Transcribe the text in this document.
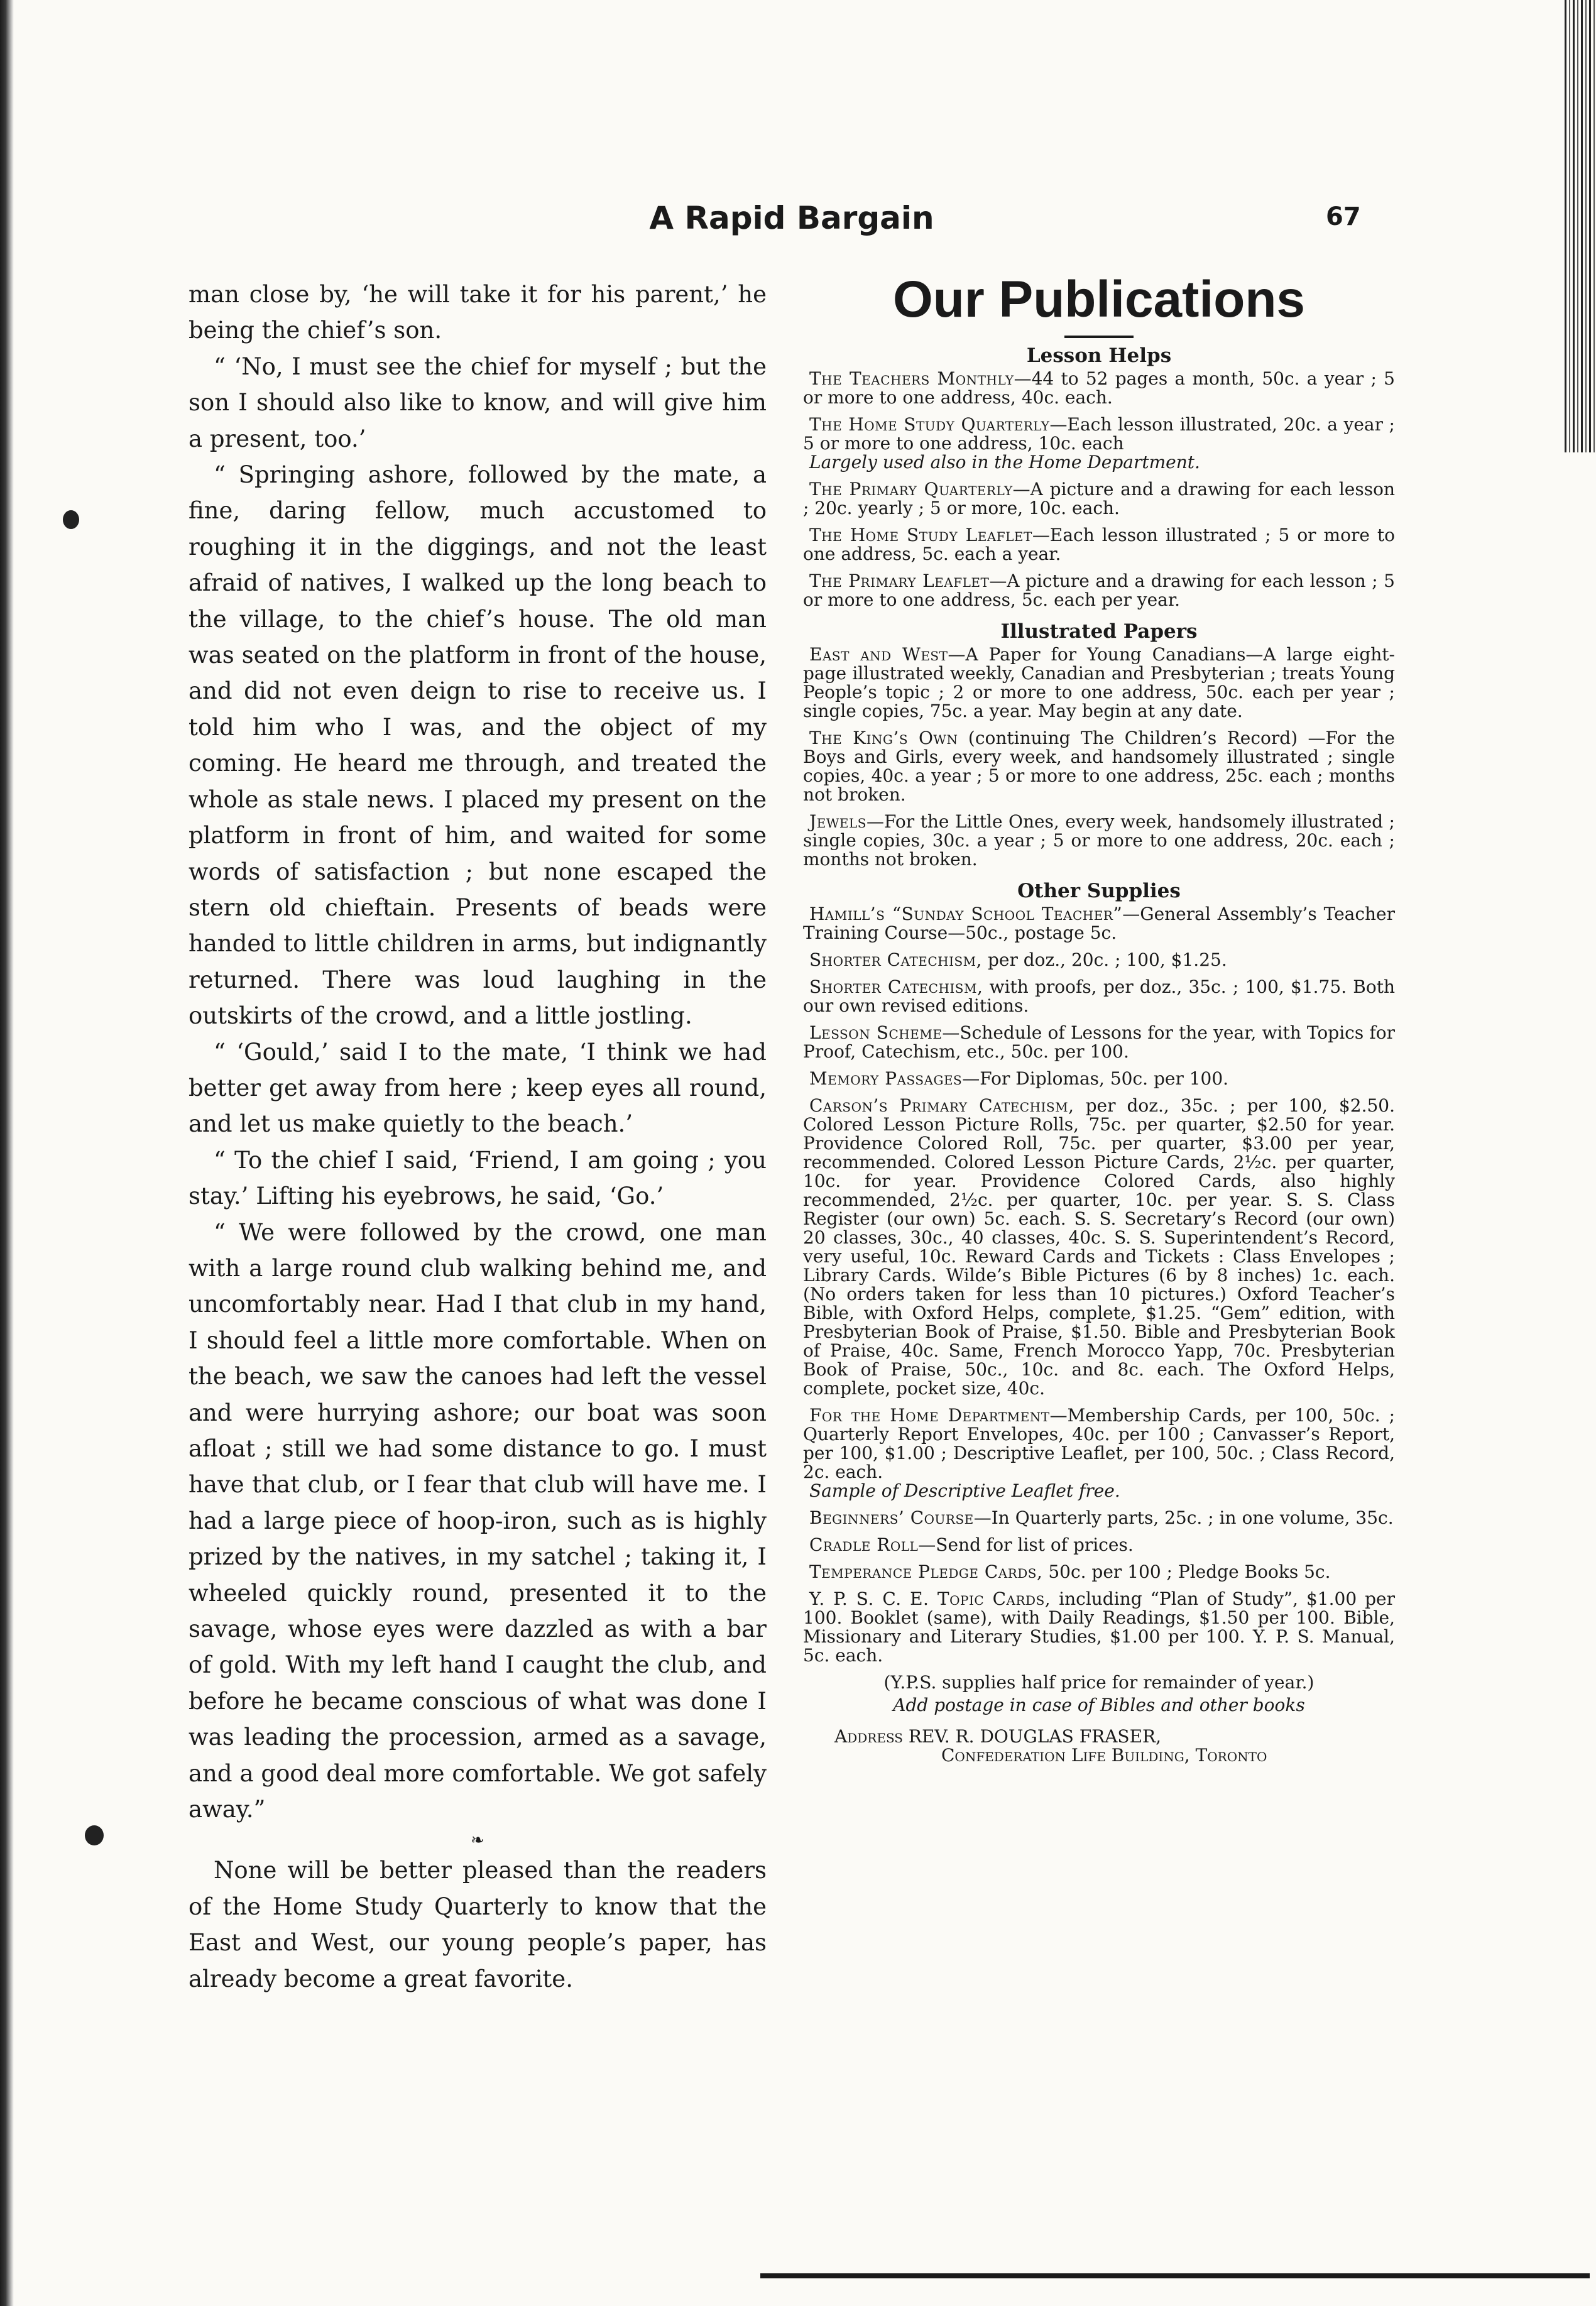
A Rapid Bargain	67

man close by, ‘he will take it for his parent,’ he being the chief’s son.

“ ‘No, I must see the chief for myself ; but the son I should also like to know, and will give him a present, too.’

“ Springing ashore, followed by the mate, a fine, daring fellow, much accustomed to roughing it in the diggings, and not the least afraid of natives, I walked up the long beach to the village, to the chief’s house. The old man was seated on the platform in front of the house, and did not even deign to rise to receive us. I told him who I was, and the object of my coming. He heard me through, and treated the whole as stale news. I placed my present on the platform in front of him, and waited for some words of satisfaction ; but none escaped the stern old chieftain. Presents of beads were handed to little children in arms, but indignantly returned. There was loud laughing in the outskirts of the crowd, and a little jostling.

“ ‘Gould,’ said I to the mate, ‘I think we had better get away from here ; keep eyes all round, and let us make quietly to the beach.’

“ To the chief I said, ‘Friend, I am going ; you stay.’ Lifting his eyebrows, he said, ‘Go.’

“ We were followed by the crowd, one man with a large round club walking behind me, and uncomfortably near. Had I that club in my hand, I should feel a little more comfortable. When on the beach, we saw the canoes had left the vessel and were hurrying ashore; our boat was soon afloat ; still we had some distance to go. I must have that club, or I fear that club will have me. I had a large piece of hoop-iron, such as is highly prized by the natives, in my satchel ; taking it, I wheeled quickly round, presented it to the savage, whose eyes were dazzled as with a bar of gold. With my left hand I caught the club, and before he became conscious of what was done I was leading the procession, armed as a savage, and a good deal more comfortable. We got safely away.”

❧

None will be better pleased than the readers of the Home Study Quarterly to know that the East and West, our young people’s paper, has already become a great favorite.

Our Publications
Lesson Helps

The Teachers Monthly—44 to 52 pages a month, 50c. a year ; 5 or more to one address, 40c. each.

The Home Study Quarterly—Each lesson illustrated, 20c. a year ; 5 or more to one address, 10c. each
Largely used also in the Home Department.

The Primary Quarterly—A picture and a drawing for each lesson ; 20c. yearly ; 5 or more, 10c. each.

The Home Study Leaflet—Each lesson illustrated ; 5 or more to one address, 5c. each a year.

The Primary Leaflet—A picture and a drawing for each lesson ; 5 or more to one address, 5c. each per year.

Illustrated Papers

East and West—A Paper for Young Canadians—A large eight-page illustrated weekly, Canadian and Presbyterian ; treats Young People’s topic ; 2 or more to one address, 50c. each per year ; single copies, 75c. a year. May begin at any date.

The King’s Own (continuing The Children’s Record) —For the Boys and Girls, every week, and handsomely illustrated ; single copies, 40c. a year ; 5 or more to one address, 25c. each ; months not broken.

Jewels—For the Little Ones, every week, handsomely illustrated ; single copies, 30c. a year ; 5 or more to one address, 20c. each ; months not broken.

Other Supplies

Hamill’s “Sunday School Teacher”—General Assembly’s Teacher Training Course—50c., postage 5c.

Shorter Catechism, per doz., 20c. ; 100, $1.25.

Shorter Catechism, with proofs, per doz., 35c. ; 100, $1.75. Both our own revised editions.

Lesson Scheme—Schedule of Lessons for the year, with Topics for Proof, Catechism, etc., 50c. per 100.

Memory Passages—For Diplomas, 50c. per 100.

Carson’s Primary Catechism, per doz., 35c. ; per 100, $2.50. Colored Lesson Picture Rolls, 75c. per quarter, $2.50 for year. Providence Colored Roll, 75c. per quarter, $3.00 per year, recommended. Colored Lesson Picture Cards, 2½c. per quarter, 10c. for year. Providence Colored Cards, also highly recommended, 2½c. per quarter, 10c. per year. S. S. Class Register (our own) 5c. each. S. S. Secretary’s Record (our own) 20 classes, 30c., 40 classes, 40c. S. S. Superintendent’s Record, very useful, 10c. Reward Cards and Tickets : Class Envelopes ; Library Cards. Wilde’s Bible Pictures (6 by 8 inches) 1c. each. (No orders taken for less than 10 pictures.) Oxford Teacher’s Bible, with Oxford Helps, complete, $1.25. “Gem” edition, with Presbyterian Book of Praise, $1.50. Bible and Presbyterian Book of Praise, 40c. Same, French Morocco Yapp, 70c. Presbyterian Book of Praise, 50c., 10c. and 8c. each. The Oxford Helps, complete, pocket size, 40c.

For the Home Department—Membership Cards, per 100, 50c. ; Quarterly Report Envelopes, 40c. per 100 ; Canvasser’s Report, per 100, $1.00 ; Descriptive Leaflet, per 100, 50c. ; Class Record, 2c. each.
Sample of Descriptive Leaflet free.

Beginners’ Course—In Quarterly parts, 25c. ; in one volume, 35c.

Cradle Roll—Send for list of prices.

Temperance Pledge Cards, 50c. per 100 ; Pledge Books 5c.

Y. P. S. C. E. Topic Cards, including “Plan of Study”, $1.00 per 100. Booklet (same), with Daily Readings, $1.50 per 100. Bible, Missionary and Literary Studies, $1.00 per 100. Y. P. S. Manual, 5c. each.

(Y.P.S. supplies half price for remainder of year.)

Add postage in case of Bibles and other books

Address REV. R. DOUGLAS FRASER,
Confederation Life Building, Toronto
